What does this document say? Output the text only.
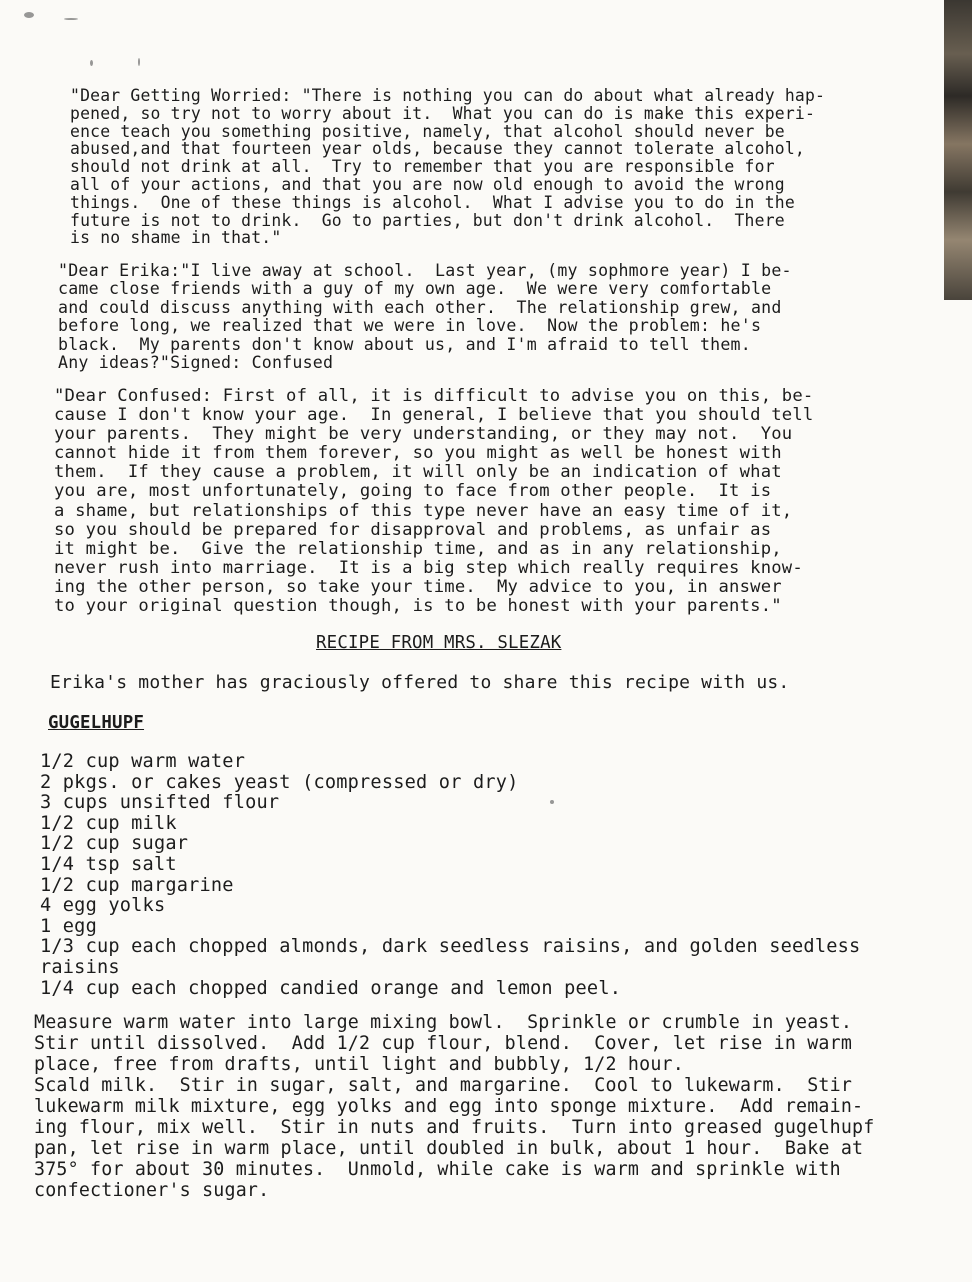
"Dear Getting Worried: "There is nothing you can do about what already hap-
pened, so try not to worry about it.  What you can do is make this experi-
ence teach you something positive, namely, that alcohol should never be
abused,and that fourteen year olds, because they cannot tolerate alcohol,
should not drink at all.  Try to remember that you are responsible for
all of your actions, and that you are now old enough to avoid the wrong
things.  One of these things is alcohol.  What I advise you to do in the
future is not to drink.  Go to parties, but don't drink alcohol.  There
is no shame in that."
"Dear Erika:"I live away at school.  Last year, (my sophmore year) I be-
came close friends with a guy of my own age.  We were very comfortable
and could discuss anything with each other.  The relationship grew, and
before long, we realized that we were in love.  Now the problem: he's
black.  My parents don't know about us, and I'm afraid to tell them.
Any ideas?"Signed: Confused
"Dear Confused: First of all, it is difficult to advise you on this, be-
cause I don't know your age.  In general, I believe that you should tell
your parents.  They might be very understanding, or they may not.  You
cannot hide it from them forever, so you might as well be honest with
them.  If they cause a problem, it will only be an indication of what
you are, most unfortunately, going to face from other people.  It is
a shame, but relationships of this type never have an easy time of it,
so you should be prepared for disapproval and problems, as unfair as
it might be.  Give the relationship time, and as in any relationship,
never rush into marriage.  It is a big step which really requires know-
ing the other person, so take your time.  My advice to you, in answer
to your original question though, is to be honest with your parents."
RECIPE FROM MRS. SLEZAK
Erika's mother has graciously offered to share this recipe with us.
GUGELHUPF
1/2 cup warm water
2 pkgs. or cakes yeast (compressed or dry)
3 cups unsifted flour
1/2 cup milk
1/2 cup sugar
1/4 tsp salt
1/2 cup margarine
4 egg yolks
1 egg
1/3 cup each chopped almonds, dark seedless raisins, and golden seedless
raisins
1/4 cup each chopped candied orange and lemon peel.
Measure warm water into large mixing bowl.  Sprinkle or crumble in yeast.
Stir until dissolved.  Add 1/2 cup flour, blend.  Cover, let rise in warm
place, free from drafts, until light and bubbly, 1/2 hour.
Scald milk.  Stir in sugar, salt, and margarine.  Cool to lukewarm.  Stir
lukewarm milk mixture, egg yolks and egg into sponge mixture.  Add remain-
ing flour, mix well.  Stir in nuts and fruits.  Turn into greased gugelhupf
pan, let rise in warm place, until doubled in bulk, about 1 hour.  Bake at
375° for about 30 minutes.  Unmold, while cake is warm and sprinkle with
confectioner's sugar.
